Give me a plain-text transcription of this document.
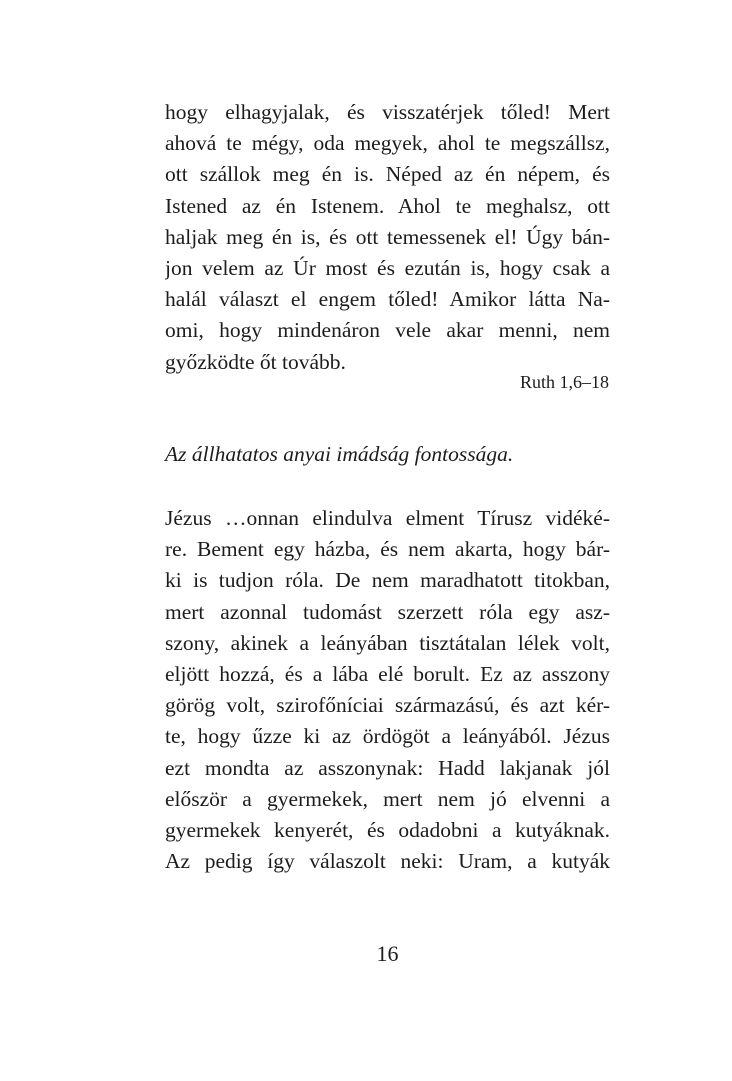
hogy elhagyjalak, és visszatérjek tőled! Mert
ahová te mégy, oda megyek, ahol te megszállsz,
ott szállok meg én is. Néped az én népem, és
Istened az én Istenem. Ahol te meghalsz, ott
haljak meg én is, és ott temessenek el! Úgy bán-
jon velem az Úr most és ezután is, hogy csak a
halál választ el engem tőled! Amikor látta Na-
omi, hogy mindenáron vele akar menni, nem
győzködte őt tovább.
Ruth 1,6–18
Az állhatatos anyai imádság fontossága.
Jézus …onnan elindulva elment Tírusz vidéké-
re. Bement egy házba, és nem akarta, hogy bár-
ki is tudjon róla. De nem maradhatott titokban,
mert azonnal tudomást szerzett róla egy asz-
szony, akinek a leányában tisztátalan lélek volt,
eljött hozzá, és a lába elé borult. Ez az asszony
görög volt, szirofőníciai származású, és azt kér-
te, hogy űzze ki az ördögöt a leányából. Jézus
ezt mondta az asszonynak: Hadd lakjanak jól
először a gyermekek, mert nem jó elvenni a
gyermekek kenyerét, és odadobni a kutyáknak.
Az pedig így válaszolt neki: Uram, a kutyák
16
